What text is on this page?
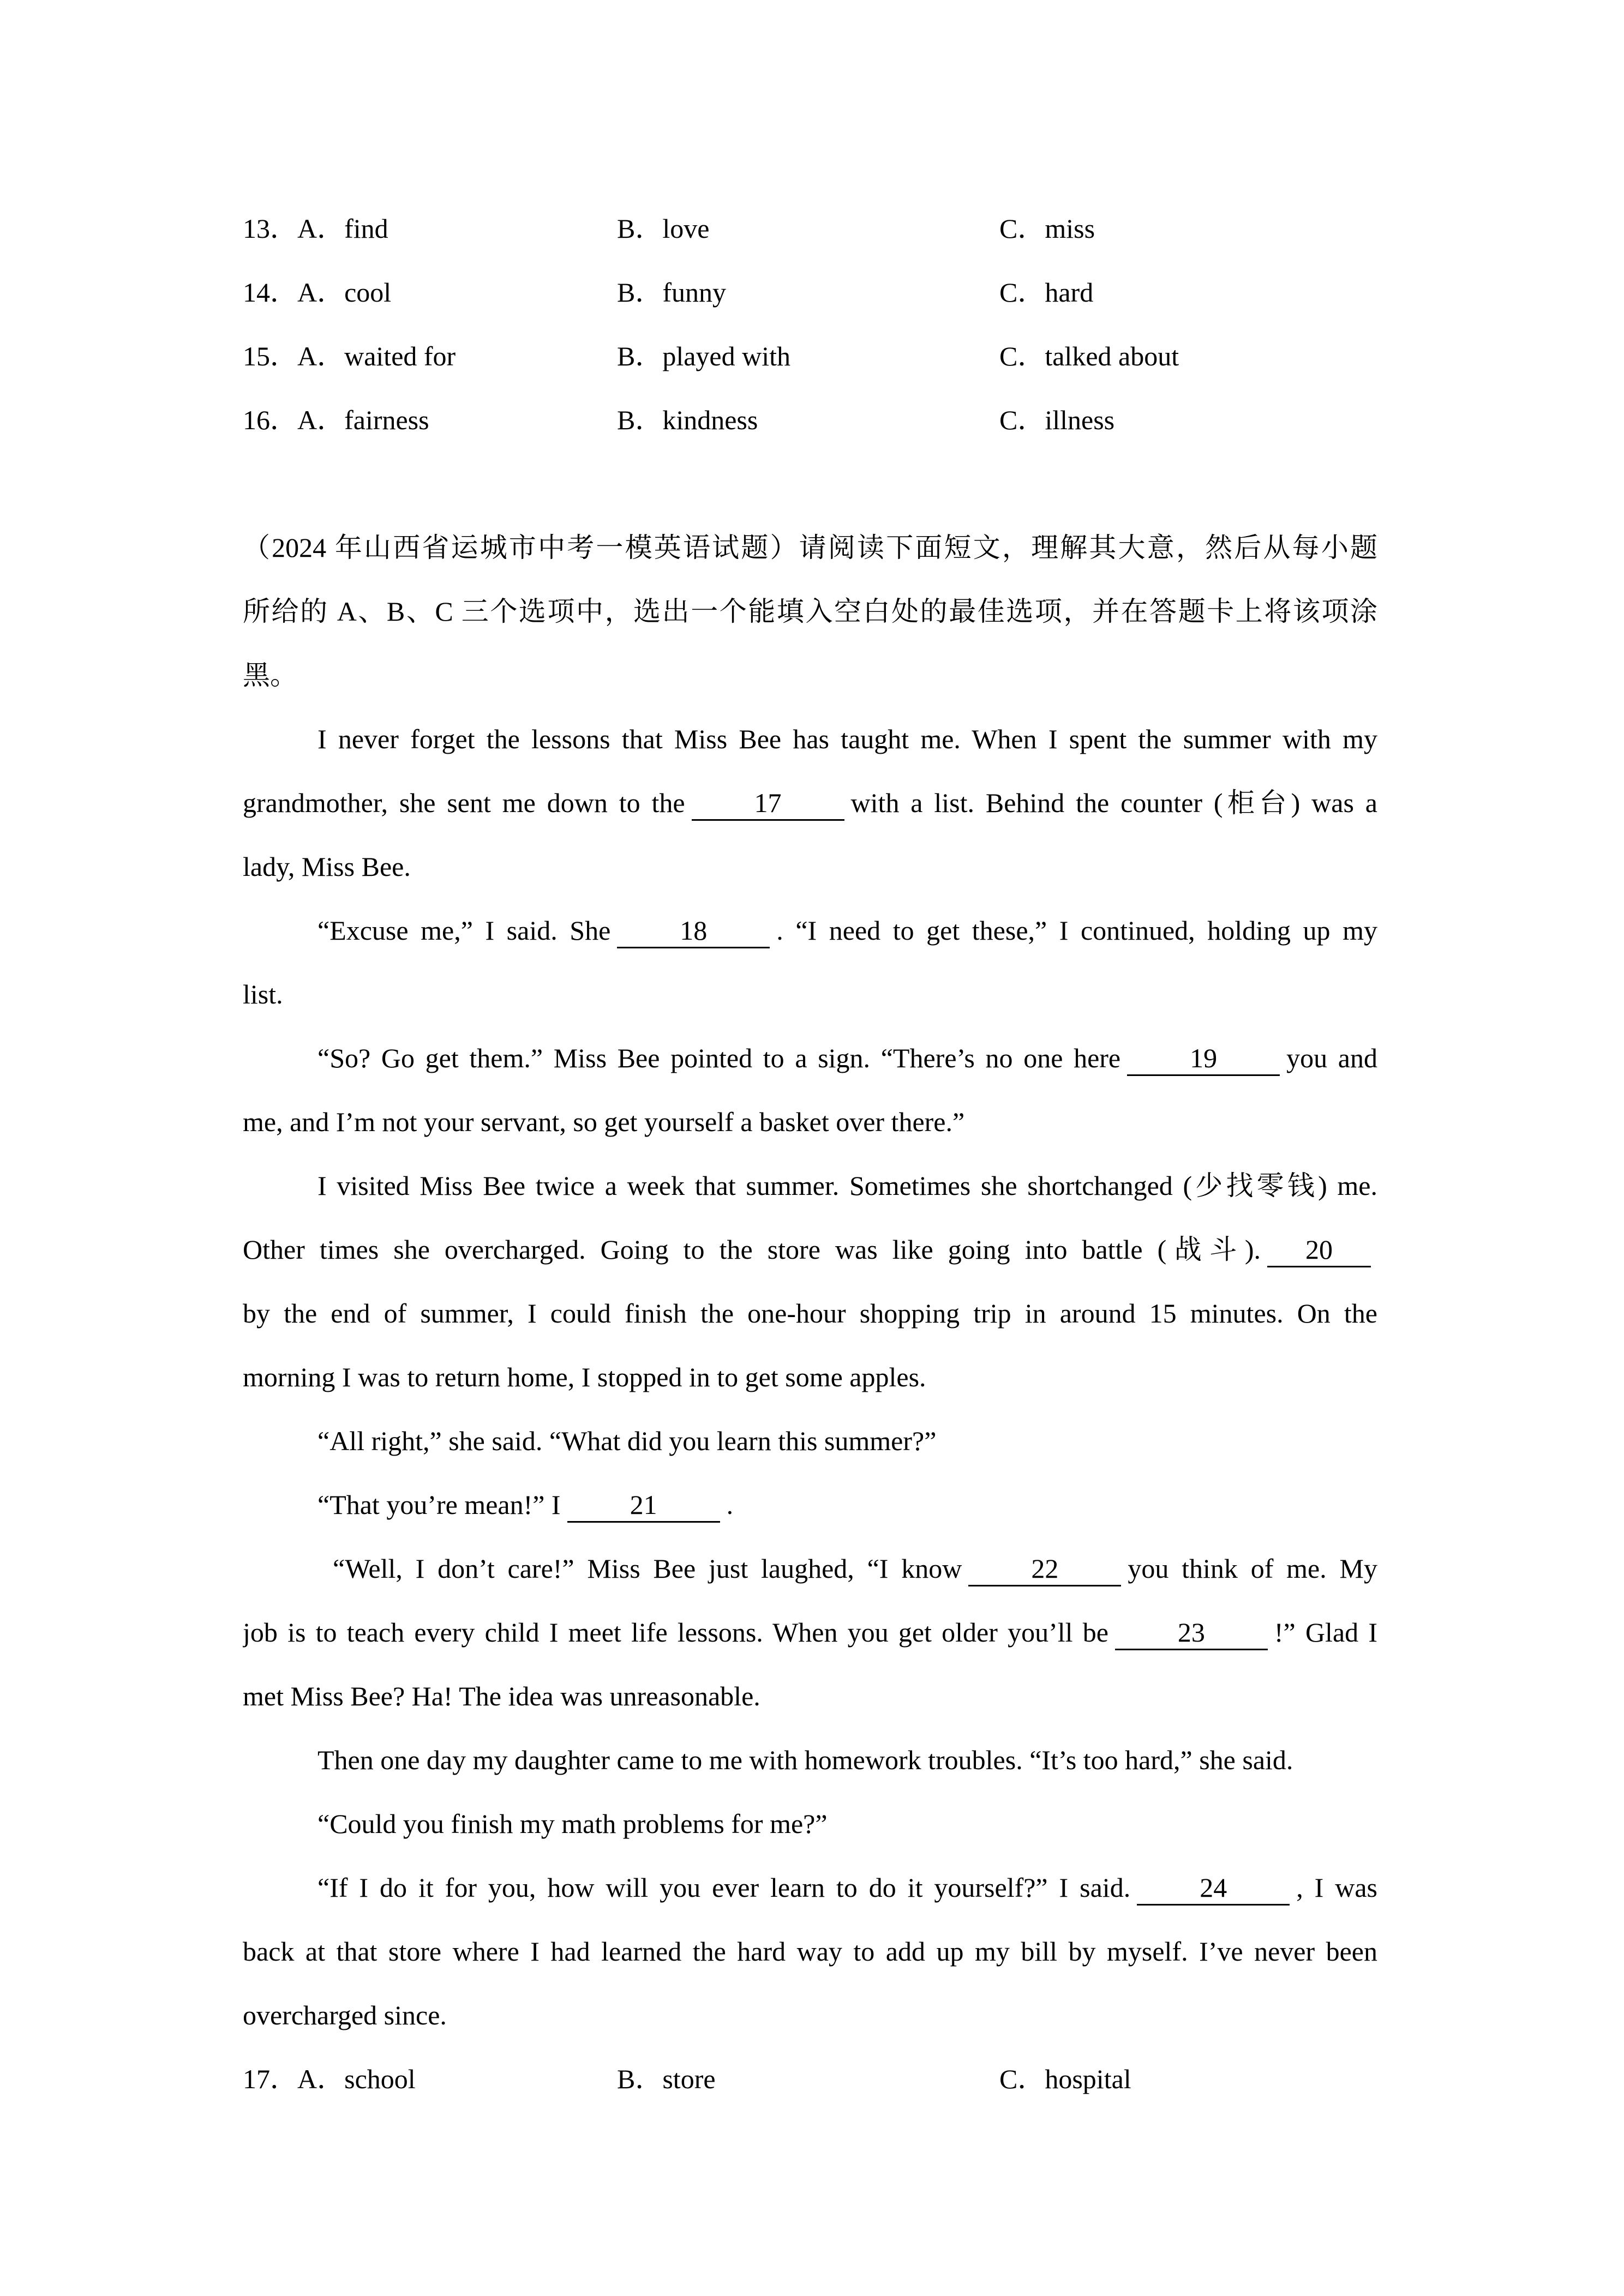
13．A．find	B．love	C．miss
14．A．cool	B．funny	C．hard
15．A．waited for	B．played with	C．talked about
16．A．fairness	B．kindness	C．illness
（2024 年山西省运城市中考一模英语试题）请阅读下面短文，理解其大意，然后从每小题
所给的 A、B、C 三个选项中，选出一个能填入空白处的最佳选项，并在答题卡上将该项涂
黑。
I never forget the lessons that Miss Bee has taught me. When I spent the summer with my
grandmother, she sent me down to the	17	with a list. Behind the counter (柜台) was a
lady, Miss Bee.
“Excuse me,” I said. She	18	. “I need to get these,” I continued, holding up my
list.
“So? Go get them.” Miss Bee pointed to a sign. “There’s no one here	19	you and
me, and I’m not your servant, so get yourself a basket over there.”
I visited Miss Bee twice a week that summer. Sometimes she shortchanged (少找零钱) me.
Other times she overcharged. Going to the store was like going into battle (战斗). 20
by the end of summer, I could finish the one-hour shopping trip in around 15 minutes. On the
morning I was to return home, I stopped in to get some apples.
“All right,” she said. “What did you learn this summer?”
“That you’re mean!” I	21	.
“Well, I don’t care!” Miss Bee just laughed, “I know	22	you think of me. My
job is to teach every child I meet life lessons. When you get older you’ll be	23	!” Glad I
met Miss Bee? Ha! The idea was unreasonable.
Then one day my daughter came to me with homework troubles. “It’s too hard,” she said.
“Could you finish my math problems for me?”
“If I do it for you, how will you ever learn to do it yourself?” I said.	24	, I was
back at that store where I had learned the hard way to add up my bill by myself. I’ve never been
overcharged since.
17．A．school	B．store	C．hospital
